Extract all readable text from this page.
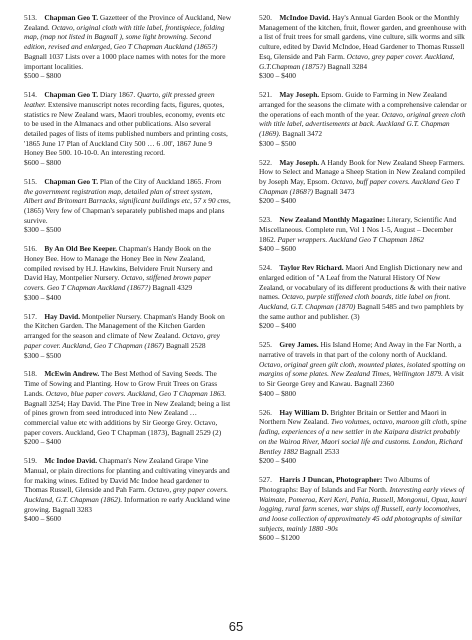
513. Chapman Geo T. Gazetteer of the Province of Auckland, New Zealand. Octavo, original cloth with title label, frontispiece, folding map, (map not listed in Bagnall ), some light browning. Second edition, revised and enlarged, Geo T Chapman Auckland (1865?) Bagnall 1037 Lists over a 1000 place names with notes for the more important localities.
$500 – $800

514. Chapman Geo T. Diary 1867. Quarto, gilt pressed green leather. Extensive manuscript notes recording facts, figures, quotes, statistics re New Zealand wars, Maori troubles, economy, events etc to be used in the Almanacs and other publications. Also several detailed pages of lists of items published numbers and printing costs, '1865 June 17 Plan of Auckland City 500 … 6 .00', 1867 June 9 Honey Bee 500. 10-10-0. An interesting record.
$600 – $800

515. Chapman Geo T. Plan of the City of Auckland 1865. From the government registration map, detailed plan of street system, Albert and Britomart Barracks, significant buildings etc, 57 x 90 cms, (1865) Very few of Chapman's separately published maps and plans survive.
$300 – $500

516. By An Old Bee Keeper. Chapman's Handy Book on the Honey Bee. How to Manage the Honey Bee in New Zealand, compiled revised by H.J. Hawkins, Belvidere Fruit Nursery and David Hay, Montpelier Nursery. Octavo, stiffened brown paper covers. Geo T Chapman Auckland (1867?) Bagnall 4329
$300 – $400

517. Hay David. Montpelier Nursery. Chapman's Handy Book on the Kitchen Garden. The Management of the Kitchen Garden arranged for the season and climate of New Zealand. Octavo, grey paper cover. Auckland, Geo T Chapman (1867) Bagnall 2528
$300 – $500

518. McEwin Andrew. The Best Method of Saving Seeds. The Time of Sowing and Planting. How to Grow Fruit Trees on Grass Lands. Octavo, blue paper covers. Auckland, Geo T Chapman 1863. Bagnall 3254; Hay David. The Pine Tree in New Zealand; being a list of pines grown from seed introduced into New Zealand … commercial value etc with additions by Sir George Grey. Octavo, paper covers. Auckland, Geo T Chapman (1873), Bagnall 2529 (2)
$200 – $400

519. Mc Indoe David. Chapman's New Zealand Grape Vine Manual, or plain directions for planting and cultivating vineyards and for making wines. Edited by David Mc Indoe head gardener to Thomas Russell, Glenside and Pah Farm. Octavo, grey paper covers. Auckland, G.T. Chapman (1862). Information re early Auckland wine growing. Bagnall 3283
$400 – $600

520. McIndoe David. Hay's Annual Garden Book or the Monthly Management of the kitchen, fruit, flower garden, and greenhouse with a list of fruit trees for small gardens, vine culture, silk worms and silk culture, edited by David McIndoe, Head Gardener to Thomas Russell Esq, Glenside and Pah Farm. Octavo, grey paper cover. Auckland, G.T.Chapman (1875?) Bagnall 3284
$300 – $400

521. May Joseph. Epsom. Guide to Farming in New Zealand arranged for the seasons the climate with a comprehensive calendar or the operations of each month of the year. Octavo, original green cloth with title label, advertisements at back. Auckland G.T. Chapman (1869). Bagnall 3472
$300 – $500

522. May Joseph. A Handy Book for New Zealand Sheep Farmers. How to Select and Manage a Sheep Station in New Zealand compiled by Joseph May, Epsom. Octavo, buff paper covers. Auckland Geo T Chapman (1868?) Bagnall 3473
$200 – $400

523. New Zealand Monthly Magazine: Literary, Scientific And Miscellaneous. Complete run, Vol 1 Nos 1-5, August – December 1862. Paper wrappers. Auckland Geo T Chapman 1862
$400 – $600

524. Taylor Rev Richard. Maori And English Dictionary new and enlarged edition of "A Leaf from the Natural History Of New Zealand, or vocabulary of its different productions & with their native names. Octavo, purple stiffened cloth boards, title label on front. Auckland, G.T. Chapman (1870) Bagnall 5485 and two pamphlets by the same author and publisher. (3)
$200 – $400

525. Grey James. His Island Home; And Away in the Far North, a narrative of travels in that part of the colony north of Auckland. Octavo, original green gilt cloth, mounted plates, isolated spotting on margins of some plates. New Zealand Times, Wellington 1879. A visit to Sir George Grey and Kawau. Bagnall 2360
$400 – $800

526. Hay William D. Brighter Britain or Settler and Maori in Northern New Zealand. Two volumes, octavo, maroon gilt cloth, spine fading, experiences of a new settler in the Kaipara district probably on the Wairoa River, Maori social life and customs. London, Richard Bentley 1882 Bagnall 2533
$200 – $400

527. Harris J Duncan, Photographer: Two Albums of Photographs: Bay of Islands and Far North. Interesting early views of Waimate, Pomeroa, Keri Keri, Pahia, Russell, Mongonui, Opua, kauri logging, rural farm scenes, war ships off Russell, early locomotives, and loose collection of approximately 45 odd photographs of similar subjects, mainly 1880 -90s
$600 – $1200

65
